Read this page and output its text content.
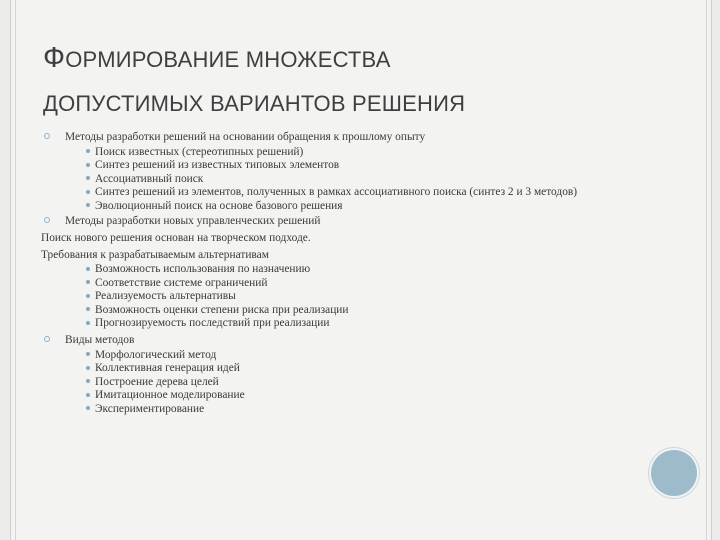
ФОРМИРОВАНИЕ МНОЖЕСТВА
ДОПУСТИМЫХ ВАРИАНТОВ РЕШЕНИЯ
Методы разработки решений на основании обращения к прошлому опыту
Поиск известных (стереотипных решений)
Синтез решений из известных типовых элементов
Ассоциативный поиск
Синтез решений из элементов, полученных в рамках ассоциативного поиска (синтез 2 и 3 методов)
Эволюционный поиск на основе базового решения
Методы разработки новых управленческих решений
Поиск нового решения основан на творческом подходе.
Требования к разрабатываемым альтернативам
Возможность использования по назначению
Соответствие системе ограничений
Реализуемость альтернативы
Возможность оценки степени риска при реализации
Прогнозируемость последствий при реализации
Виды методов
Морфологический метод
Коллективная генерация идей
Построение дерева целей
Имитационное моделирование
Экспериментирование
